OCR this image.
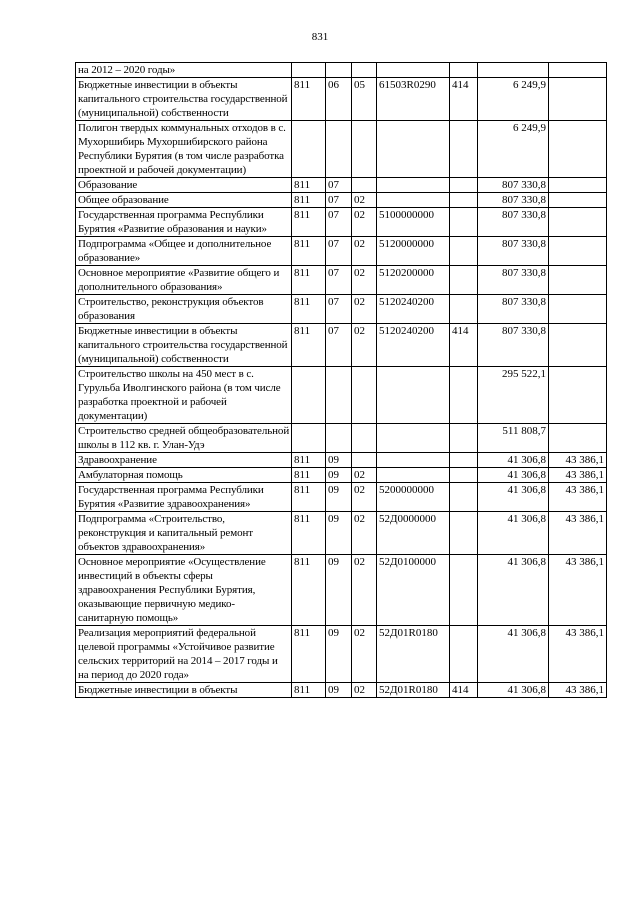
831
на 2012 – 2020 годы»							
Бюджетные инвестиции в объекты капитального строительства государственной (муниципальной) собственности	811	06	05	61503R0290	414	6 249,9	
Полигон твердых коммунальных отходов в с. Мухоршибирь Мухоршибирского района Республики Бурятия (в том числе разработка проектной и рабочей документации)						6 249,9	
Образование	811	07				807 330,8	
Общее образование	811	07	02			807 330,8	
Государственная программа Республики Бурятия «Развитие образования и науки»	811	07	02	5100000000		807 330,8	
Подпрограмма «Общее и дополнительное образование»	811	07	02	5120000000		807 330,8	
Основное мероприятие «Развитие общего и дополнительного образования»	811	07	02	5120200000		807 330,8	
Строительство, реконструкция объектов образования	811	07	02	5120240200		807 330,8	
Бюджетные инвестиции в объекты капитального строительства государственной (муниципальной) собственности	811	07	02	5120240200	414	807 330,8	
Строительство школы на 450 мест в с. Гурульба Иволгинского района (в том числе разработка проектной и рабочей документации)						295 522,1	
Строительство средней общеобразовательной школы в 112 кв. г. Улан-Удэ						511 808,7	
Здравоохранение	811	09				41 306,8	43 386,1
Амбулаторная помощь	811	09	02			41 306,8	43 386,1
Государственная программа Республики Бурятия «Развитие здравоохранения»	811	09	02	5200000000		41 306,8	43 386,1
Подпрограмма «Строительство, реконструкция и капитальный ремонт объектов здравоохранения»	811	09	02	52Д0000000		41 306,8	43 386,1
Основное мероприятие «Осуществление инвестиций в объекты сферы здравоохранения Республики Бурятия, оказывающие первичную медико-санитарную помощь»	811	09	02	52Д0100000		41 306,8	43 386,1
Реализация мероприятий федеральной целевой программы «Устойчивое развитие сельских территорий на 2014 – 2017 годы и на период до 2020 года»	811	09	02	52Д01R0180		41 306,8	43 386,1
Бюджетные инвестиции в объекты	811	09	02	52Д01R0180	414	41 306,8	43 386,1
